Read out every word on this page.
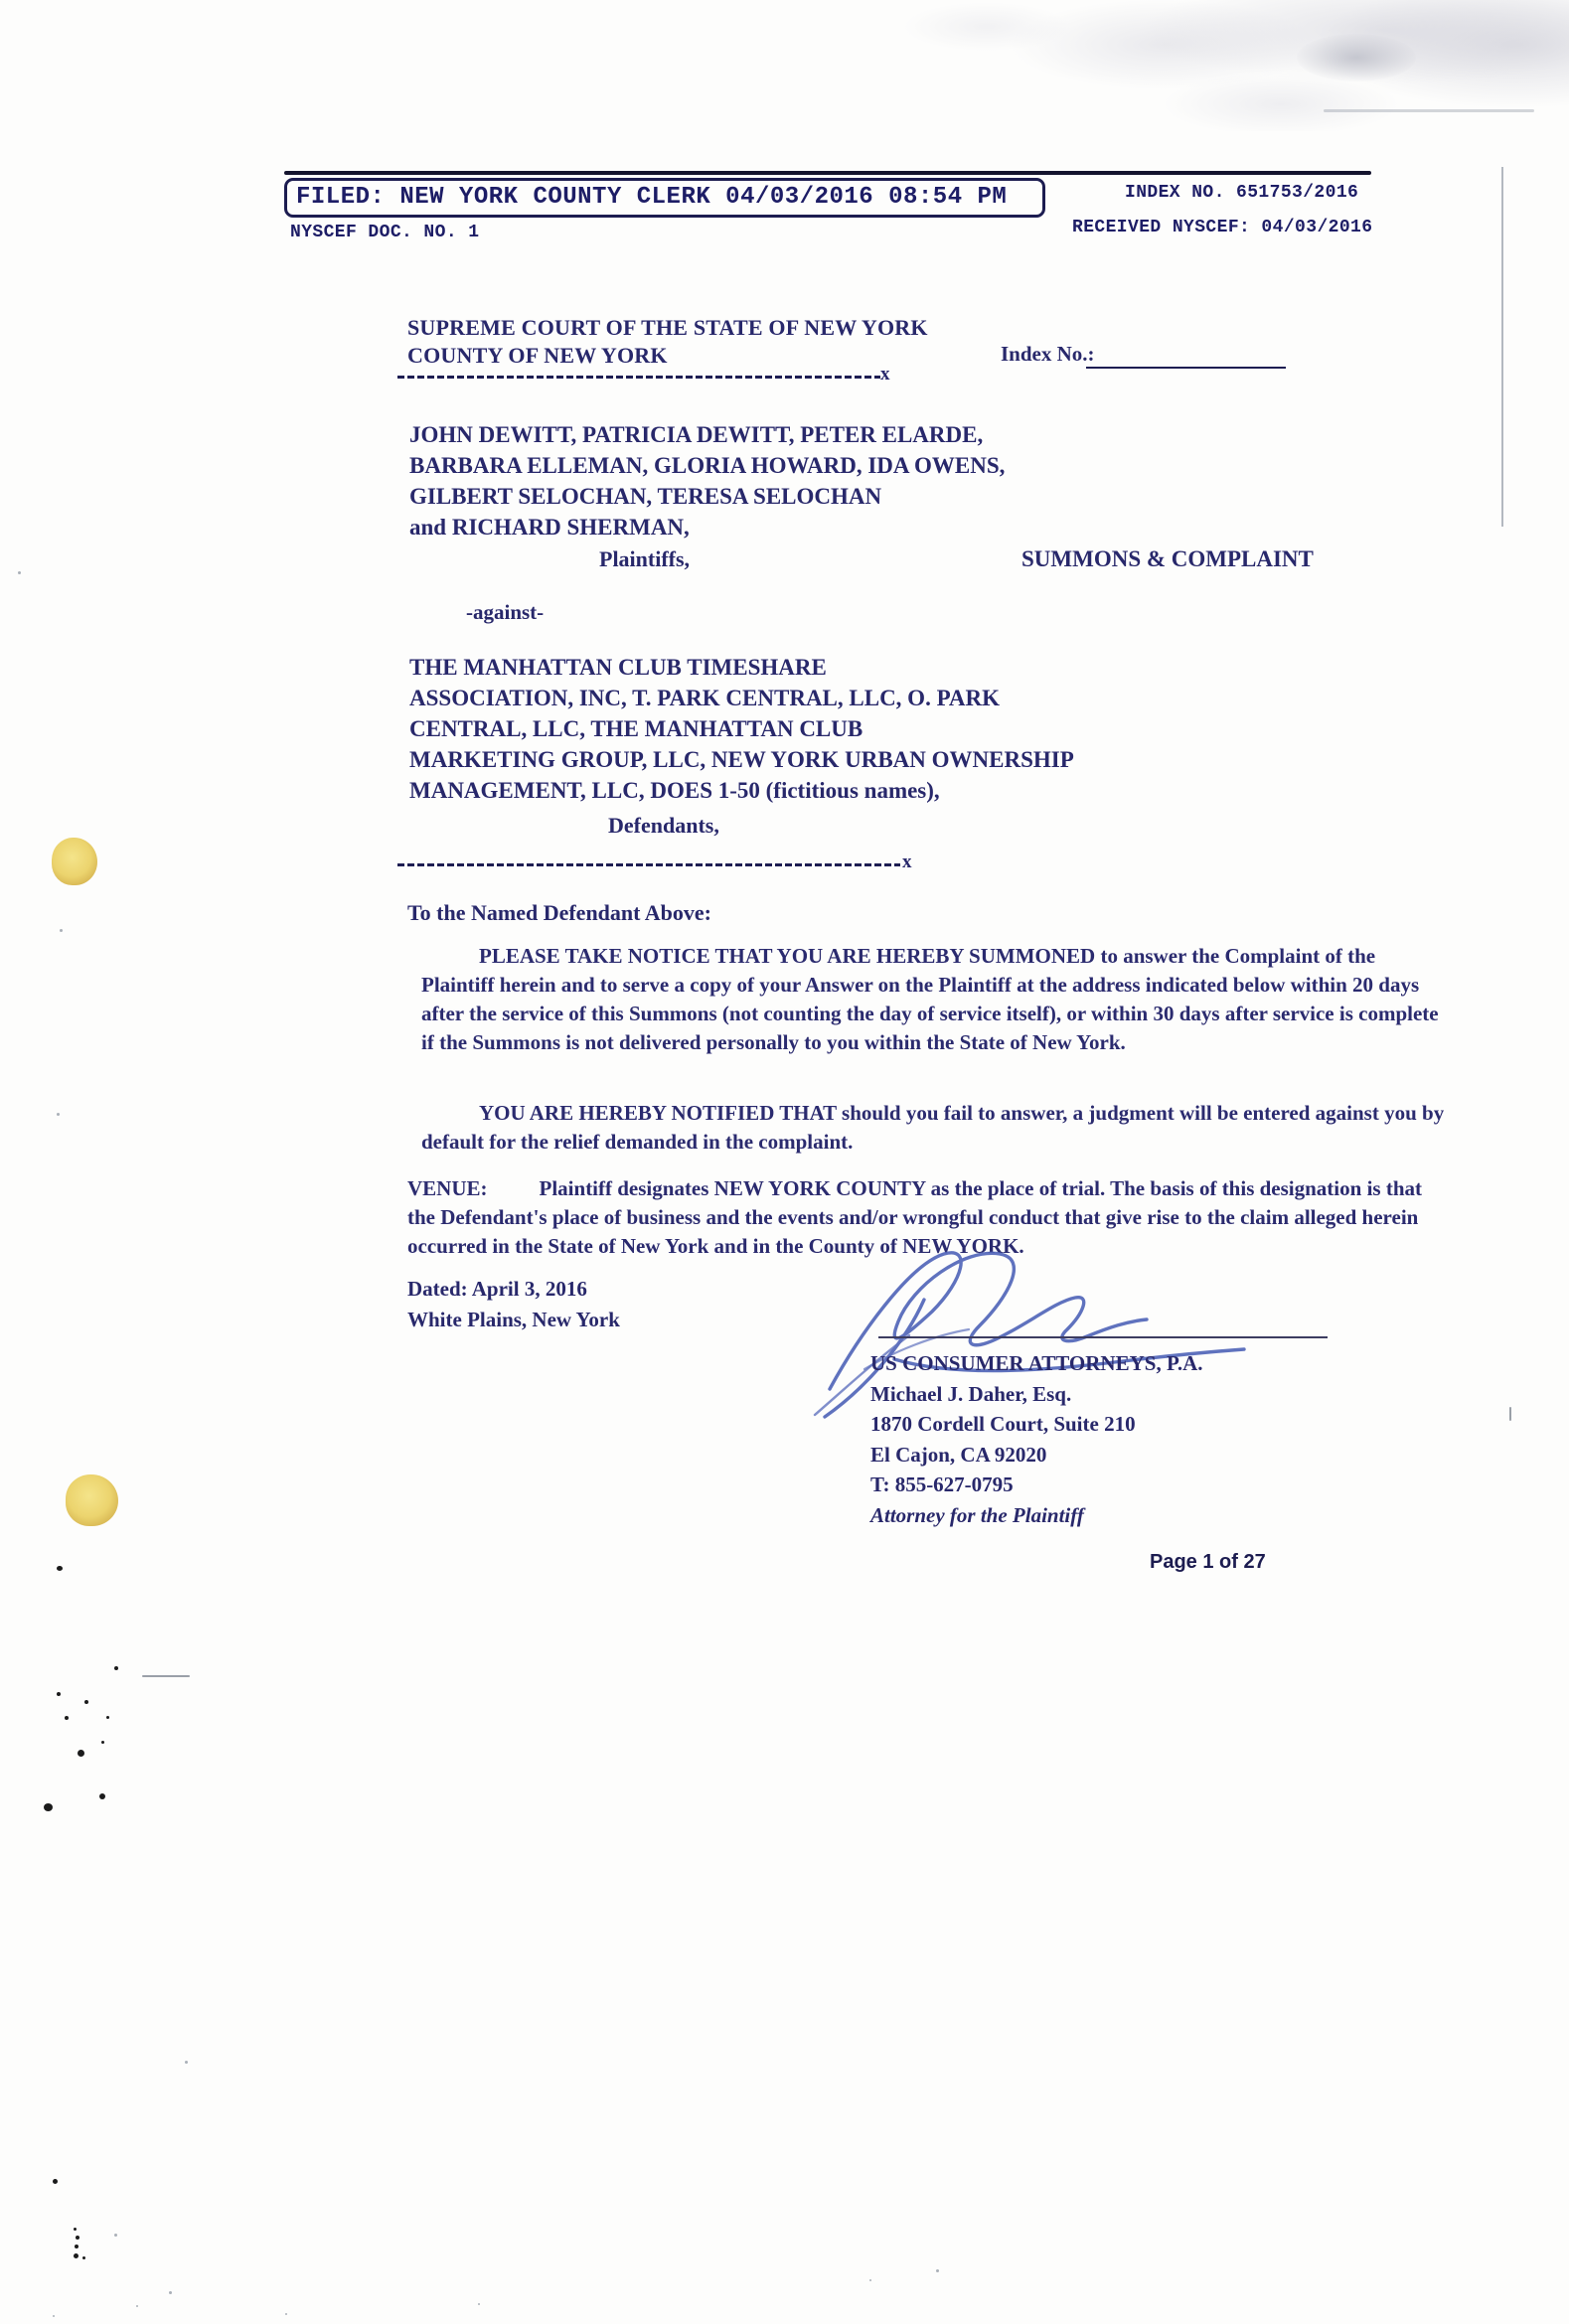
FILED: NEW YORK COUNTY CLERK 04/03/2016 08:54 PM
NYSCEF DOC. NO. 1
INDEX NO. 651753/2016
RECEIVED NYSCEF: 04/03/2016
SUPREME COURT OF THE STATE OF NEW YORK
COUNTY OF NEW YORK	Index No.:
x
JOHN DEWITT, PATRICIA DEWITT, PETER ELARDE,
BARBARA ELLEMAN, GLORIA HOWARD, IDA OWENS,
GILBERT SELOCHAN, TERESA SELOCHAN
and RICHARD SHERMAN,
Plaintiffs,	SUMMONS & COMPLAINT
-against-
THE MANHATTAN CLUB TIMESHARE
ASSOCIATION, INC, T. PARK CENTRAL, LLC, O. PARK
CENTRAL, LLC, THE MANHATTAN CLUB
MARKETING GROUP, LLC, NEW YORK URBAN OWNERSHIP
MANAGEMENT, LLC, DOES 1-50 (fictitious names),
Defendants,
x
To the Named Defendant Above:
PLEASE TAKE NOTICE THAT YOU ARE HEREBY SUMMONED to answer the Complaint of the Plaintiff herein and to serve a copy of your Answer on the Plaintiff at the address indicated below within 20 days after the service of this Summons (not counting the day of service itself), or within 30 days after service is complete if the Summons is not delivered personally to you within the State of New York.
YOU ARE HEREBY NOTIFIED THAT should you fail to answer, a judgment will be entered against you by default for the relief demanded in the complaint.
VENUE: Plaintiff designates NEW YORK COUNTY as the place of trial. The basis of this designation is that the Defendant's place of business and the events and/or wrongful conduct that give rise to the claim alleged herein occurred in the State of New York and in the County of NEW YORK.
Dated: April 3, 2016
White Plains, New York
US CONSUMER ATTORNEYS, P.A.
Michael J. Daher, Esq.
1870 Cordell Court, Suite 210
El Cajon, CA 92020
T: 855-627-0795
Attorney for the Plaintiff
Page 1 of 27
